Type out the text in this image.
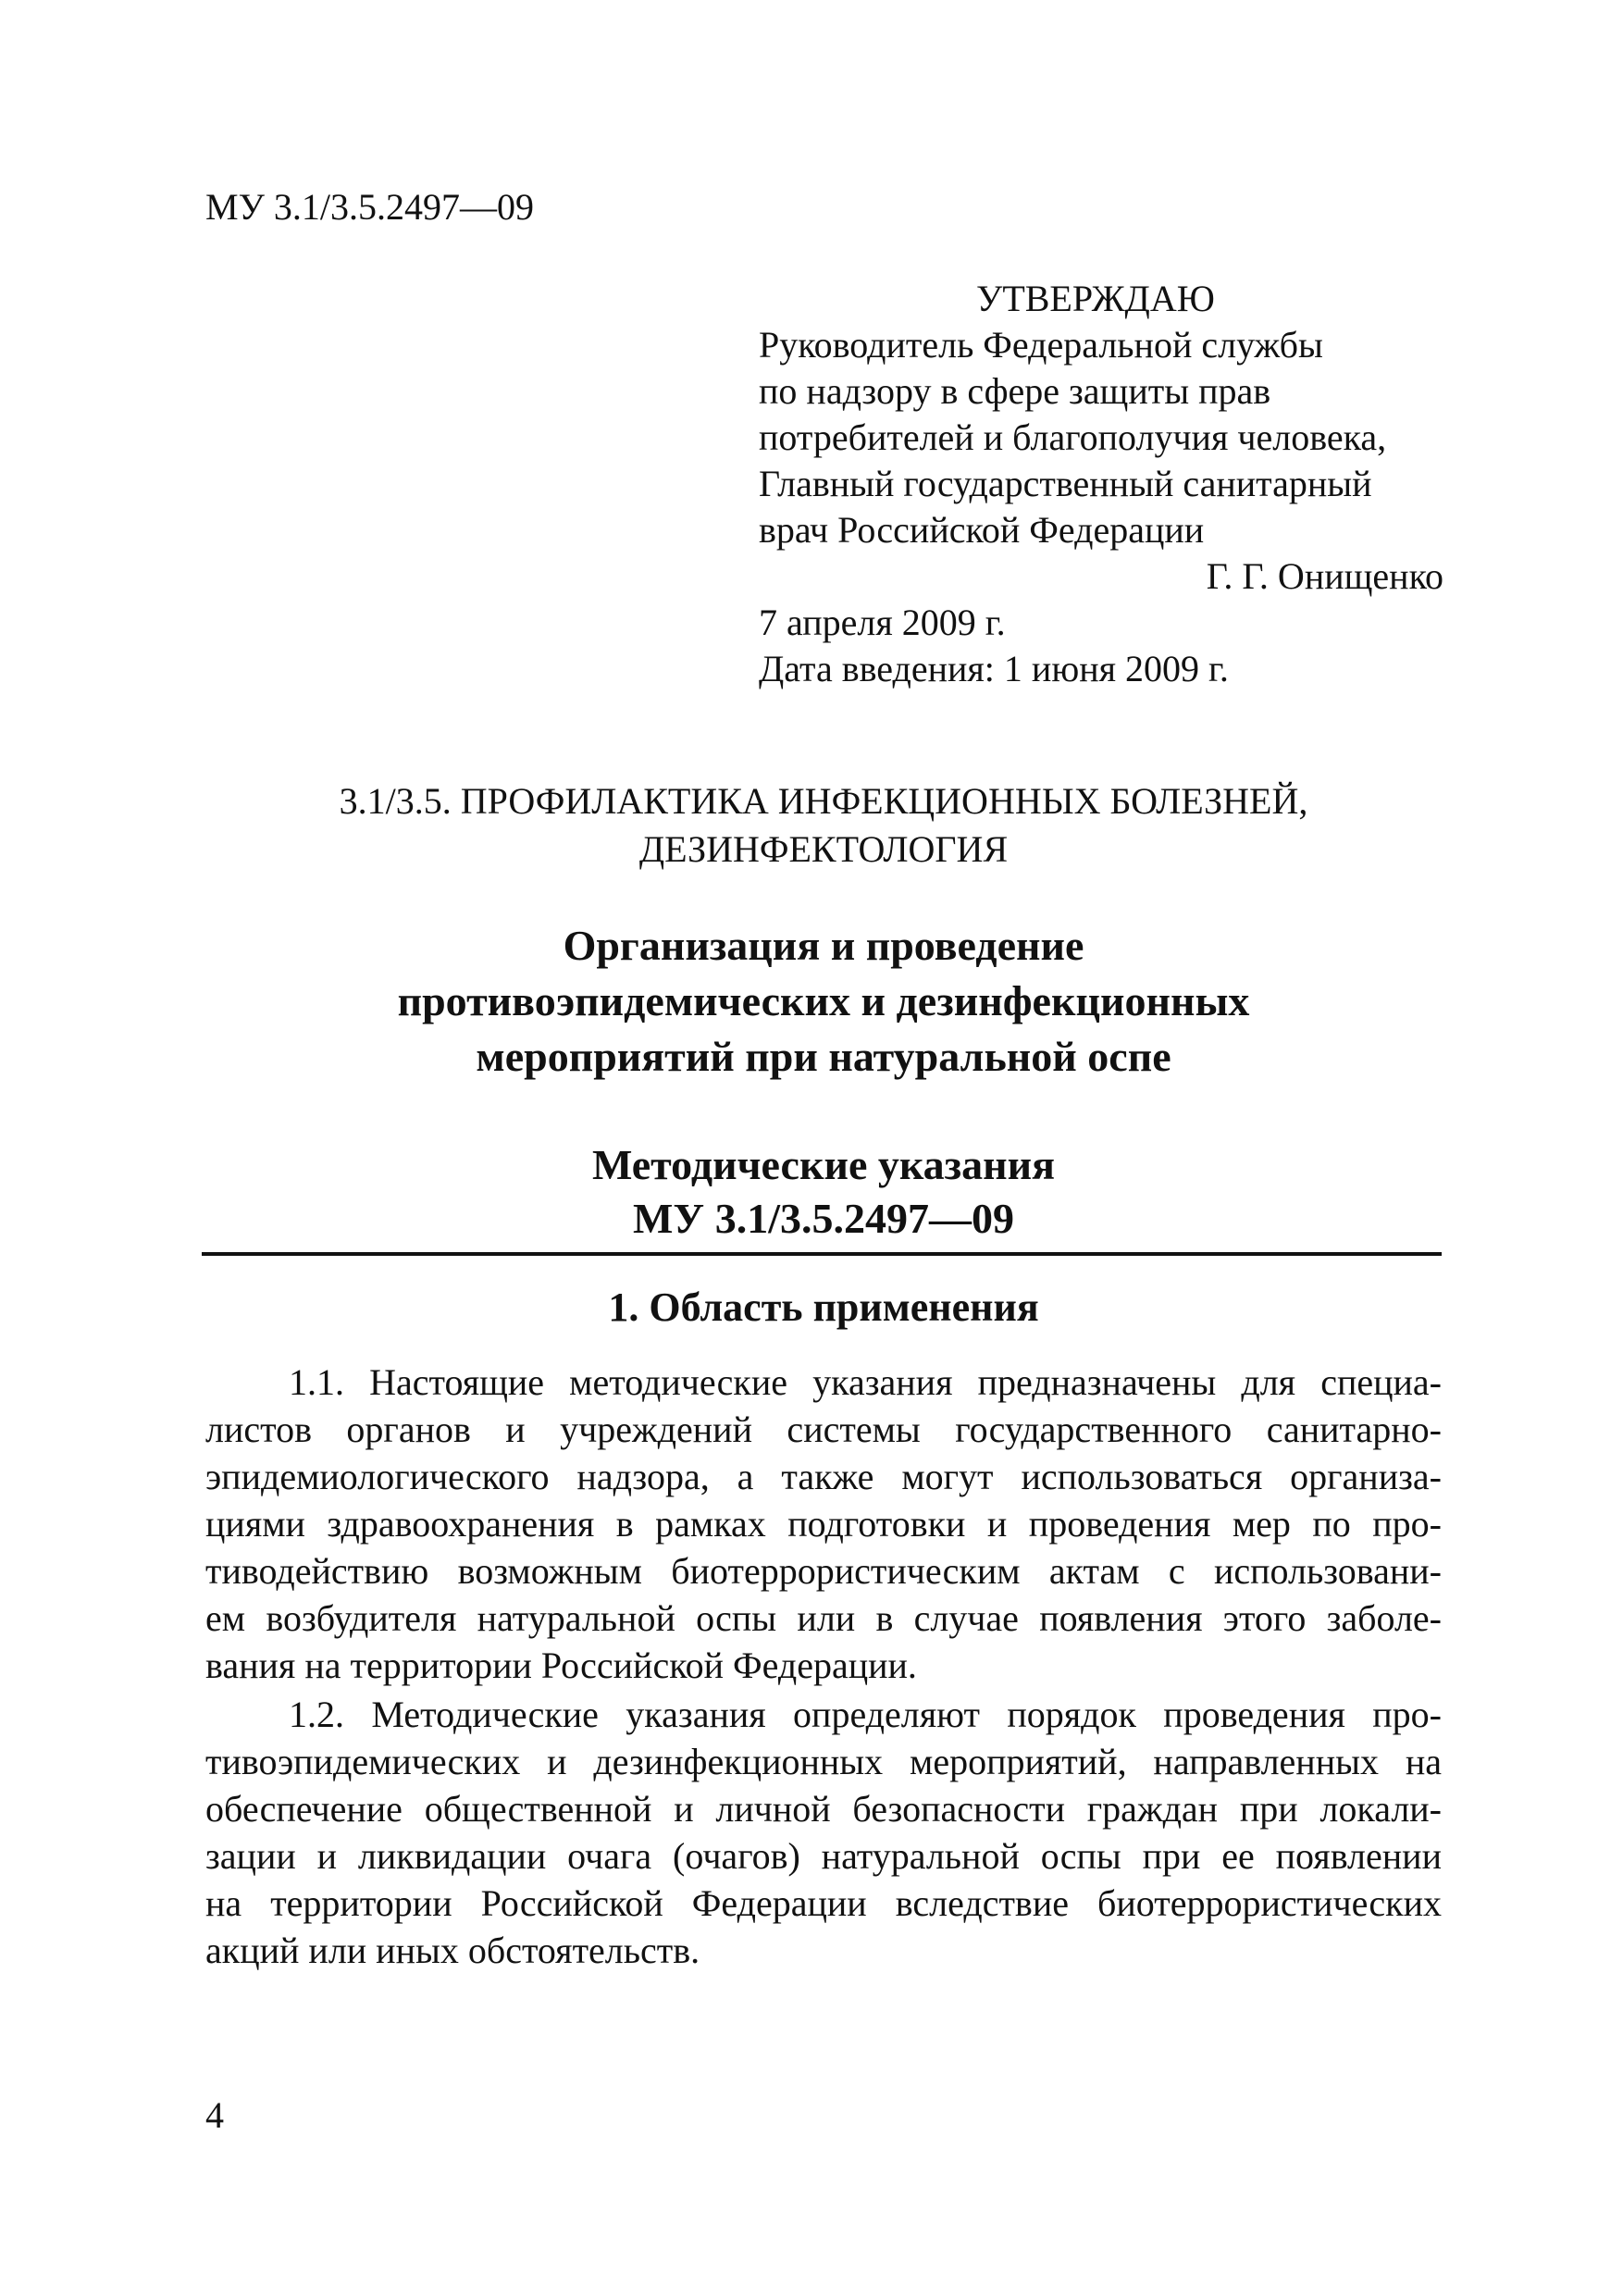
МУ 3.1/3.5.2497—09
УТВЕРЖДАЮ
Руководитель Федеральной службы
по надзору в сфере защиты прав
потребителей и благополучия человека,
Главный государственный санитарный
врач Российской Федерации
Г. Г. Онищенко
7 апреля 2009 г.
Дата введения: 1 июня 2009 г.
3.1/3.5. ПРОФИЛАКТИКА ИНФЕКЦИОННЫХ БОЛЕЗНЕЙ,
ДЕЗИНФЕКТОЛОГИЯ
Организация и проведение
противоэпидемических и дезинфекционных
мероприятий при натуральной оспе
Методические указания
МУ 3.1/3.5.2497—09
1. Область применения
1.1. Настоящие методические указания предназначены для специа-
листов органов и учреждений системы государственного санитарно-
эпидемиологического надзора, а также могут использоваться организа-
циями здравоохранения в рамках подготовки и проведения мер по про-
тиводействию возможным биотеррористическим актам с использовани-
ем возбудителя натуральной оспы или в случае появления этого заболе-
вания на территории Российской Федерации.
1.2. Методические указания определяют порядок проведения про-
тивоэпидемических и дезинфекционных мероприятий, направленных на
обеспечение общественной и личной безопасности граждан при локали-
зации и ликвидации очага (очагов) натуральной оспы при ее появлении
на территории Российской Федерации вследствие биотеррористических
акций или иных обстоятельств.
4
